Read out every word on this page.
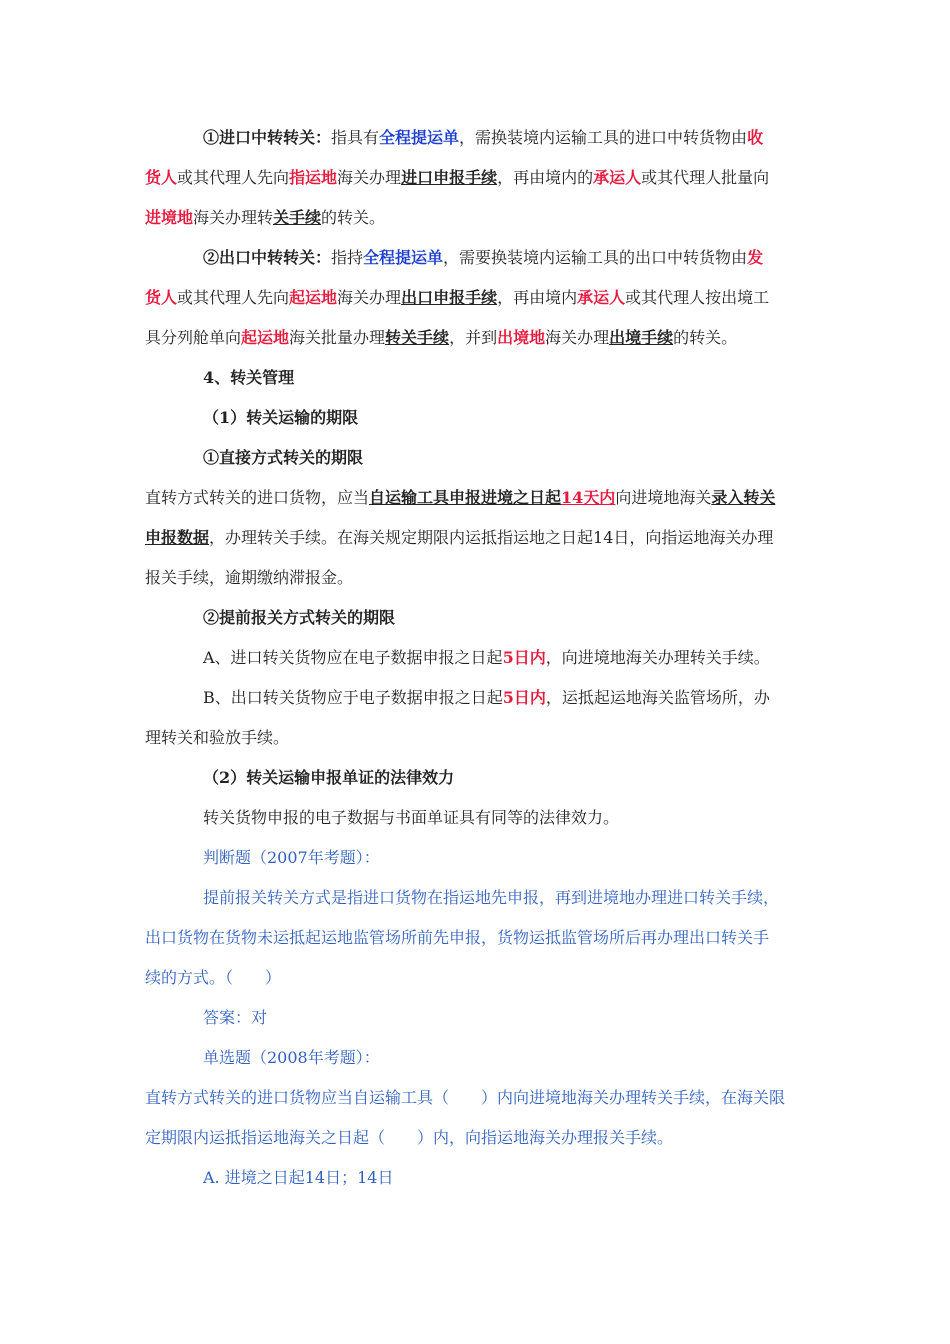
①进口中转转关：指具有全程提运单，需换装境内运输工具的进口中转货物由收
货人或其代理人先向指运地海关办理进口申报手续，再由境内的承运人或其代理人批量向
进境地海关办理转关手续的转关。
②出口中转转关：指持全程提运单，需要换装境内运输工具的出口中转货物由发
货人或其代理人先向起运地海关办理出口申报手续，再由境内承运人或其代理人按出境工
具分列舱单向起运地海关批量办理转关手续，并到出境地海关办理出境手续的转关。
4、转关管理
（1）转关运输的期限
①直接方式转关的期限
直转方式转关的进口货物，应当自运输工具申报进境之日起14天内向进境地海关录入转关
申报数据，办理转关手续。在海关规定期限内运抵指运地之日起14日，向指运地海关办理
报关手续，逾期缴纳滞报金。
②提前报关方式转关的期限
A、进口转关货物应在电子数据申报之日起5日内，向进境地海关办理转关手续。
B、出口转关货物应于电子数据申报之日起5日内，运抵起运地海关监管场所，办
理转关和验放手续。
（2）转关运输申报单证的法律效力
转关货物申报的电子数据与书面单证具有同等的法律效力。
判断题（2007年考题）：
提前报关转关方式是指进口货物在指运地先申报，再到进境地办理进口转关手续，
出口货物在货物未运抵起运地监管场所前先申报，货物运抵监管场所后再办理出口转关手
续的方式。（　　）
答案：对
单选题（2008年考题）：
直转方式转关的进口货物应当自运输工具（　　）内向进境地海关办理转关手续，在海关限
定期限内运抵指运地海关之日起（　　）内，向指运地海关办理报关手续。
A. 进境之日起14日；14日
